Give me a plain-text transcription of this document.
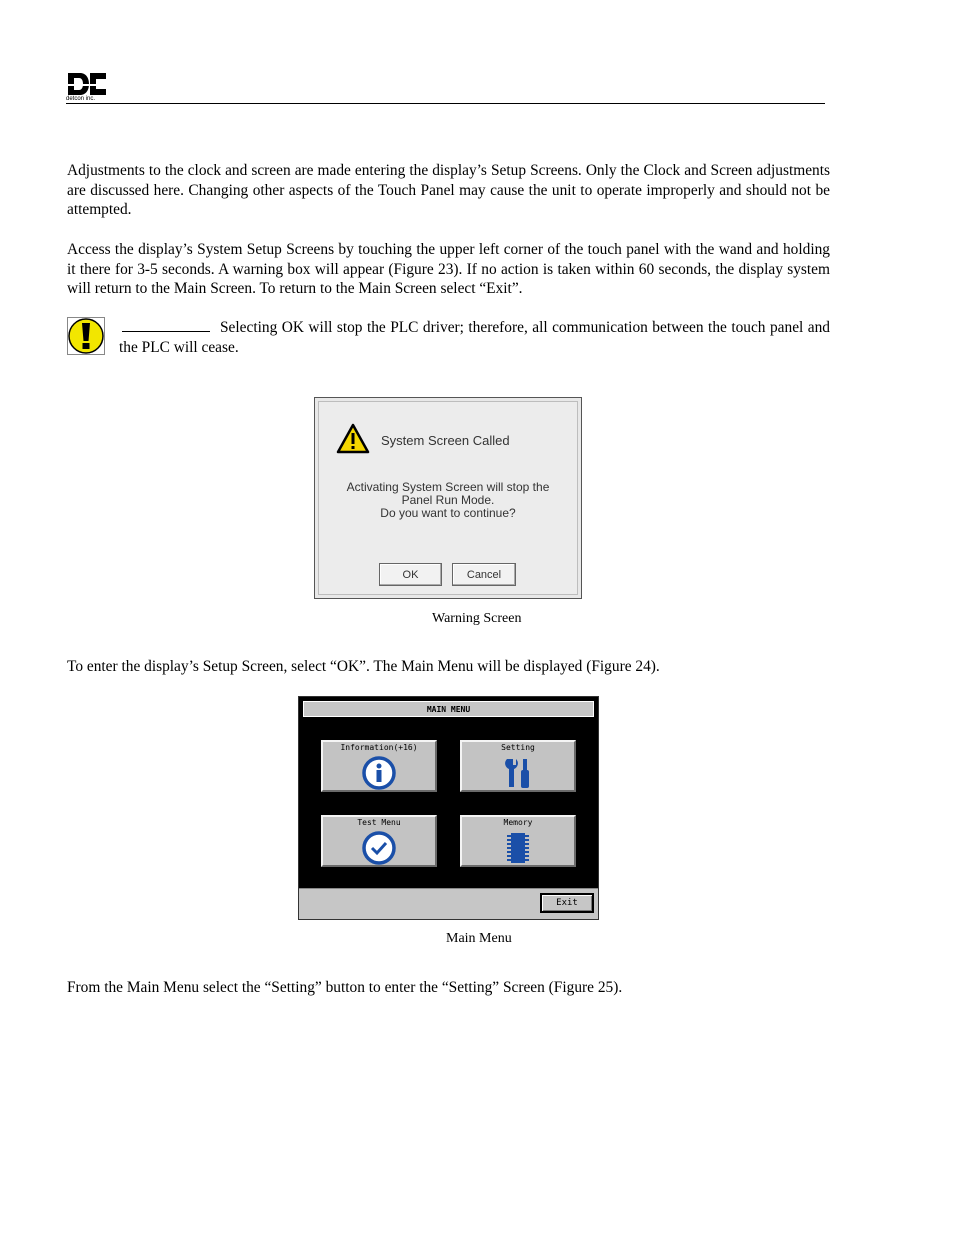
detcon inc.
Adjustments to the clock and screen are made entering the display’s Setup Screens. Only the Clock and Screen adjustments are discussed here. Changing other aspects of the Touch Panel may cause the unit to operate improperly and should not be attempted.
Access the display’s System Setup Screens by touching the upper left corner of the touch panel with the wand and holding it there for 3-5 seconds. A warning box will appear (Figure 23). If no action is taken within 60 seconds, the display system will return to the Main Screen. To return to the Main Screen select “Exit”.
Selecting OK will stop the PLC driver; therefore, all communication between the touch panel and the PLC will cease.
System Screen Called
Activating System Screen will stop the
Panel Run Mode.
Do you want to continue?
OK	Cancel
Warning Screen
To enter the display’s Setup Screen, select “OK”. The Main Menu will be displayed (Figure 24).
MAIN MENU
Information(+16)	Setting
Test Menu	Memory
Exit
Main Menu
From the Main Menu select the “Setting” button to enter the “Setting” Screen (Figure 25).
